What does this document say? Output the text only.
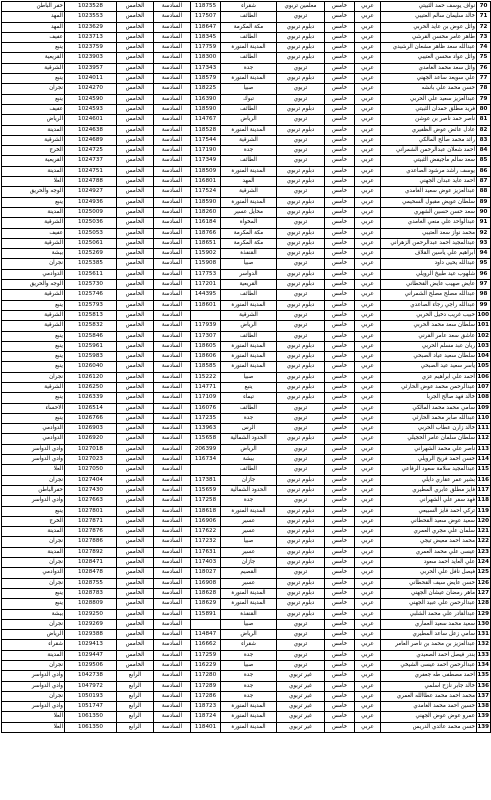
70	نواف يوسف حمد الثبيتي	عربي	خامس	معلمين تربوي	شقراء	118755	السادسة	الخامس	1023528	حفر الباطن
71	خالد سليمان سالم العتيبي	عربي	خامس	تربوي	الطائف	117507	السادسة	الخامس	1023553	المهد
72	وائل عوض بن عايد الحربي	عربي	خامس	دبلوم تربوي	مكة المكرمة	118647	السادسة	الخامس	1023629	المهد
73	طاهر عامر محسن القرشي	عربي	خامس	دبلوم تربوي	الطائف	118345	السادسة	الخامس	1023713	عفيف
74	عبدالله سعد ظاهر مشعان الرشيدي	عربي	خامس	دبلوم تربوي	المدينة المنورة	117759	السادسة	الخامس	1023759	ينبع
75	وائل عواد محسن العتيبي	عربي	خامس	دبلوم تربوي	الطائف	118300	السادسة	الخامس	1023903	القريعية
76	وائل سعد محمد الغامدي	عربي	خامس	تربوي	جدة	117343	السادسة	الخامس	1023957	الشرقية
77	علي سويعد ساعد الجهني	عربي	خامس	دبلوم تربوي	المدينة المنورة	118579	السادسة	الخامس	1024011	ينبع
78	حسن محمد علي بانشه	عربي	خامس	تربوي	صبيا	118225	السادسة	الخامس	1024270	نجران
79	عبدالعزيز سعيد علي الحربي	عربي	خامس	تربوي	تبوك	116390	السادسة	الخامس	1024590	ينبع
80	فريد مطلق حمدان الثبيتي	عربي	خامس	دبلوم تربوي	الطائف	118590	السادسة	الخامس	1024593	عفيف
81	ناصر حمد ناصر بن عوشن	عربي	خامس	تربوي	الرياض	114767	السادسة	الخامس	1024601	الرياض
82	عادل عائض عوض الظفيري	عربي	خامس	دبلوم تربوي	المدينة المنورة	118528	السادسة	الخامس	1024638	المدينة
83	رائد محمد صالح المالكي	عربي	خامس	تربوي	الشرقية	117544	السادسة	الخامس	1024689	الشرقية
84	احمد شعلان عبدالرحمن الشمراني	عربي	خامس	تربوي	جدة	117190	السادسة	الخامس	1024725	الخرج
85	سعد سالم ماجيفض الثبيتي	عربي	خامس	تربوي	الطائف	117349	السادسة	الخامس	1024737	القريعية
86	يوسف راشد مرشود الصاعدي	عربي	خامس	دبلوم تربوي	المدينة المنورة	118509	السادسة	الخامس	1024751	المدينة
87	احمد عايد عبدان الجهني	عربي	خامس	دبلوم تربوي	المهد	116801	السادسة	الخامس	1024788	العلا
88	عبدالعزيز عوض سعيد الغامدي	عربي	خامس	تربوي	الشرقية	117524	السادسة	الخامس	1024927	الوجه والحريق
89	سلطان عويض مقبول السحيمي	عربي	خامس	دبلوم تربوي	المدينة المنورة	118590	السادسة	الخامس	1024936	ينبع
90	سعد حسن حسين الشهري	عربي	خامس	دبلوم تربوي	محايل عسير	118260	السادسة	الخامس	1025009	المدينة
91	عبدالواحد علي منعي الغامدي	عربي	خامس	تربوي	المخواة	116184	السادسة	الخامس	1025036	الشرقية
92	محمد نواز سعد العتيبي	عربي	خامس	دبلوم تربوي	مكة المكرمة	118766	السادسة	الخامس	1025053	عفيف
93	عبدالمجيد احمد عبدالرحمن الزهراني	عربي	خامس	دبلوم تربوي	مكة المكرمة	118651	السادسة	الخامس	1025061	الشرقية
94	ابراهيم علي ياسين القلاف	عربي	خامس	دبلوم تربوي	القنفذة	115902	السادسة	الخامس	1025269	بيشة
95	عبدالله يحيى داود	عربي	خامس	تربوي	صبيا	115908	السادسة	الخامس	1025385	نجران
96	شلهوب عيد طبيخ الرويلي	عربي	خامس	دبلوم تربوي	الدواسر	117753	السادسة	الخامس	1025611	الدوادمي
97	عايض صهيب عايض القحطاني	عربي	خامس	دبلوم تربوي	القريعية	117201	السادسة	الخامس	1025730	الوجه والحريق
98	عبدالله مصلح مصلح الشمراني	عربي	خامس	تربوي	الطائف	144395	السادسة	الخامس	1025746	الشرقية
99	عبدالله راجي رجاء الصاعدي	عربي	خامس	دبلوم تربوي	المدينة المنورة	118601	السادسة	الخامس	1025793	ينبع
100	حبيب غريب دخيل الحربي	عربي	خامس	تربوي	الشرقية		السادسة	الخامس	1025813	الشرقية
101	سلطان سعد محمد الحربي	عربي	خامس	تربوي	الرياض	117939	السادسة	الخامس	1025832	الشرقية
102	عاشق سعد عامر القرني	عربي	خامس	تربوي	الطائف	117307	السادسة	الخامس	1025846	ينبع
103	ريان عبد مسلم الحربي	عربي	خامس	دبلوم تربوي	المدينة المنورة	118605	السادسة	الخامس	1025961	ينبع
104	سلطان سعيد عياد الصبحي	عربي	خامس	دبلوم تربوي	المدينة المنورة	118606	السادسة	الخامس	1025983	ينبع
105	ياسر سعيد عيد الصبحي	عربي	خامس	دبلوم تربوي	المدينة المنورة	118585	السادسة	الخامس	1026040	ينبع
106	احمد علي ابراهيم عزي	عربي	خامس	دبلوم تربوي	صبيا	115222	السادسة	الخامس	1026120	نجران
107	عبدالرحمن محمد عوض الحارثي	عربي	خامس	دبلوم تربوي	ينبع	114771	السادسة	الخامس	1026250	الشرقية
108	خالد فهد صالح الجربا	عربي	خامس	دبلوم تربوي	تيماء	117109	السادسة	الخامس	1026339	ينبع
109	سامي محمد محمد المالكي	عربي	خامس	تربوي	الطائف	116076	السادسة	الخامس	1026514	الاحساء
110	عبدالله صابر محمد الحارثي	عربي	خامس	تربوي	جدة	117235	السادسة	الخامس	1026766	ينبع
111	خالد زارن عطاب الحربي	عربي	خامس	تربوي	الرس	113963	السادسة	الخامس	1026903	الدوادمي
112	سلطان سلمان عامر الحجيلي	عربي	خامس	دبلوم تربوي	الحدود الشمالية	115658	السادسة	الخامس	1026920	الدوادمي
113	ناصر علي محمد الشهراني	عربي	خامس	تربوي	الرياض	206399	السادسة	الخامس	1027018	وادي الدواسر
114	حسن احمد فريح الرويلي	عربي	خامس	تربوي	بيشة	116734	السادسة	الخامس	1027023	وادي الدواسر
115	عبدالمجيد سلامة سعود الرفاعي	عربي	خامس	تربوي	الطائف		السادسة	الخامس	1027050	العلا
116	بشير عمر عقاري دايلي	عربي	خامس	دبلوم تربوي	جازان	117381	السادسة	الخامس	1027404	نجران
117	فايز مطلق عابري المطيري	عربي	خامس	دبلوم تربوي	الحدود الشمالية	115659	السادسة	الخامس	1027430	حفرالباطن
118	فهد سفر علي الشهراني	عربي	خامس	تربوي	جدة	117258	السادسة	الخامس	1027663	وادي الدواسر
119	تركي احمد فايز السبيعي	عربي	خامس	دبلوم تربوي	المدينة المنورة	118618	السادسة	الخامس	1027801	ينبع
120	سعيد عوض سعيد القحطاني	عربي	خامس	دبلوم تربوي	عسير	116906	السادسة	الخامس	1027871	الخرج
121	سلمان علي مجري العمري	عربي	خامس	دبلوم تربوي	عسير	117622	السادسة	الخامس	1027876	المدينة
122	محمد احمد معيض تيجي	عربي	خامس	دبلوم تربوي	صبيا	117232	السادسة	الخامس	1027886	نجران
123	عيسى علي محمد العمري	عربي	خامس	دبلوم تربوي	عسير	117631	السادسة	الخامس	1027892	المدينة
124	علي العايد احمد سعود	عربي	خامس	دبلوم تربوي	جازان	117403	السادسة	الخامس	1028471	نجران
125	فيصل نافل علي الحربي	عربي	خامس	تربوي	القصيم	118027	السادسة	الخامس	1028478	الدوادمي
126	حسن عايض سيف القحطاني	عربي	خامس	دبلوم تربوي	عسير	116908	السادسة	الخامس	1028755	نجران
127	ماهر رمضان عيشان الجهني	عربي	خامس	دبلوم تربوي	المدينة المنورة	118628	السادسة	الخامس	1028783	ينبع
128	عبدالرحمن علي عبيد الجهني	عربي	خامس	دبلوم تربوي	المدينة المنورة	118629	السادسة	الخامس	1028809	ينبع
129	عبدالقادر علي محمد الشلبي	عربي	خامس	دبلوم تربوي	القنفذة	115891	السادسة	الخامس	1029250	بيشة
130	سعيد محمد سعيد العماري	عربي	خامس	تربوي	صبيا		السادسة	الخامس	1029269	نجران
131	سامي زعل ساعد المطيري	عربي	خامس	تربوي	الرياض	114847	السادسة	الخامس	1029388	الرياض
132	عبدالعزيز بن محمد بن ناصر العامر	عربي	خامس	تربوي	شقراء	116662	السادسة	الخامس	1029413	شقراء
133	بندر فيصل احمد الصعيدي	عربي	خامس	تربوي	جدة	117259	السادسة	الخامس	1029447	المدينة
134	عبدالرحمن احمد عيسى الشيخي	عربي	خامس	تربوي	صبيا	116229	السادسة	الخامس	1029506	نجران
135	احمد مصطفى طه جعفري	عربي	خامس	غير تربوي	جدة	117280	السادسة	الرابع	1042738	وادي الدواسر
136	خالد جابر نازح اسلمي	عربي	خامس	غير تربوي	جدة	117289	السادسة	الرابع	1047972	وادي الدواسر
137	محمد احمد محمد عطاالله العمري	عربي	خامس	غير تربوي	جدة	117286	السادسة	الرابع	1050193	نجران
138	حسين احمد محمد الغامدي	عربي	خامس	غير تربوي	المدينة المنورة	118723	السادسة	الرابع	1051747	وادي الدواسر
139	عمرو عوض عوض الجهني	عربي	خامس	غير تربوي	المدينة المنورة	118724	السادسة	الرابع	1061350	العلا
139	حسن محمد عائدي الدريس	عربي	خامس	غير تربوي	المدينة المنورة	118401	السادسة	الرابع	1061350	العلا
